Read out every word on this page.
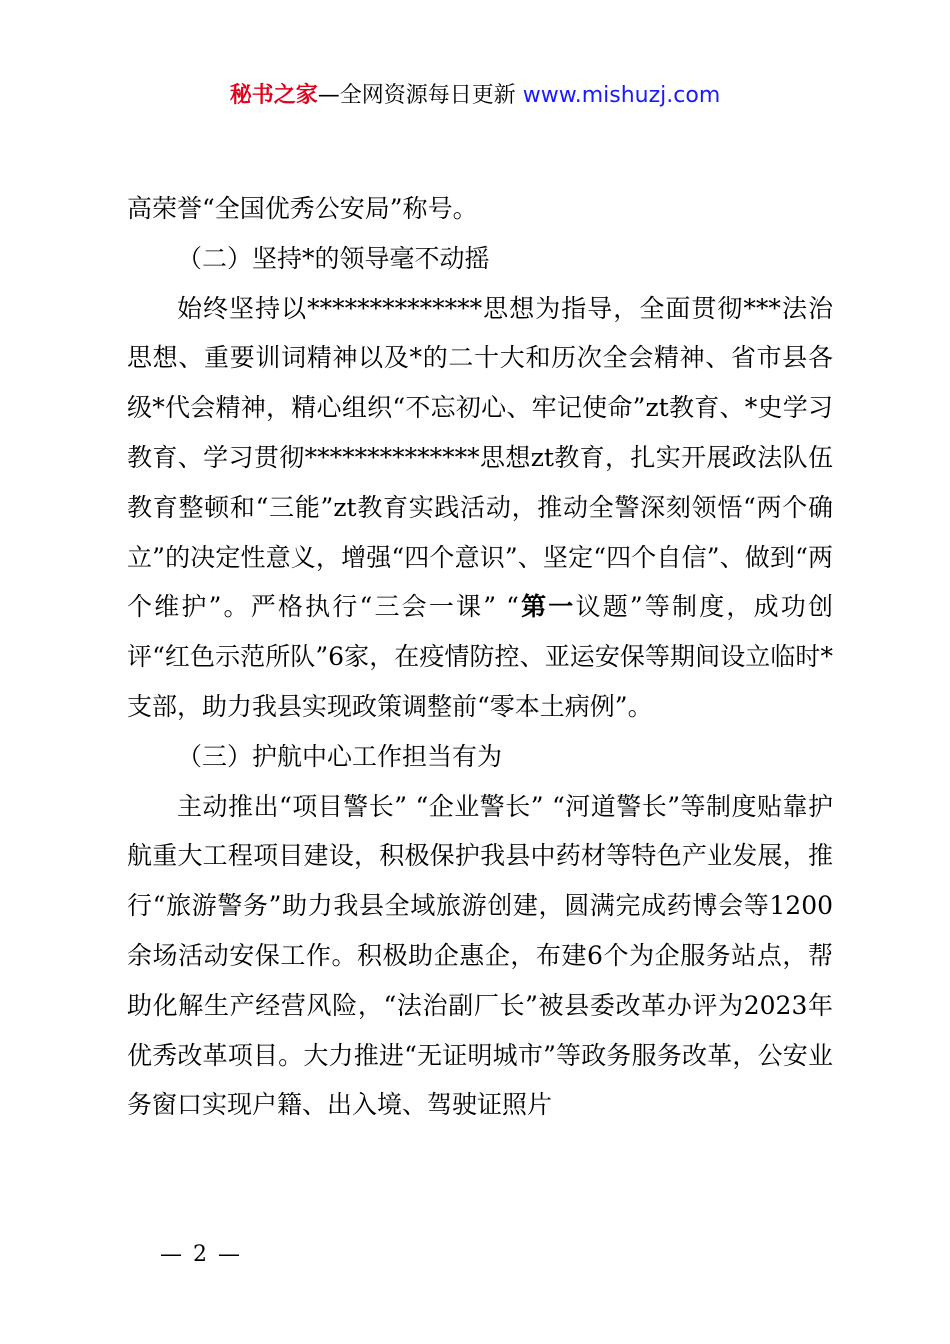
秘书之家—全网资源每日更新 www.mishuzj.com

高荣誉“全国优秀公安局”称号。

（二）坚持*的领导毫不动摇

始终坚持以**************思想为指导，全面贯彻***法治思想、重要训词精神以及*的二十大和历次全会精神、省市县各级*代会精神，精心组织“不忘初心、牢记使命”zt教育、*史学习教育、学习贯彻**************思想zt教育，扎实开展政法队伍教育整顿和“三能”zt教育实践活动，推动全警深刻领悟“两个确立”的决定性意义，增强“四个意识”、坚定“四个自信”、做到“两个维护”。严格执行“三会一课” “第一议题”等制度，成功创评“红色示范所队”6家，在疫情防控、亚运安保等期间设立临时*支部，助力我县实现政策调整前“零本土病例”。

（三）护航中心工作担当有为

主动推出“项目警长” “企业警长” “河道警长”等制度贴靠护航重大工程项目建设，积极保护我县中药材等特色产业发展，推行“旅游警务”助力我县全域旅游创建，圆满完成药博会等1200余场活动安保工作。积极助企惠企，布建6个为企服务站点，帮助化解生产经营风险，“法治副厂长”被县委改革办评为2023年优秀改革项目。大力推进“无证明城市”等政务服务改革，公安业务窗口实现户籍、出入境、驾驶证照片

— 2 —
